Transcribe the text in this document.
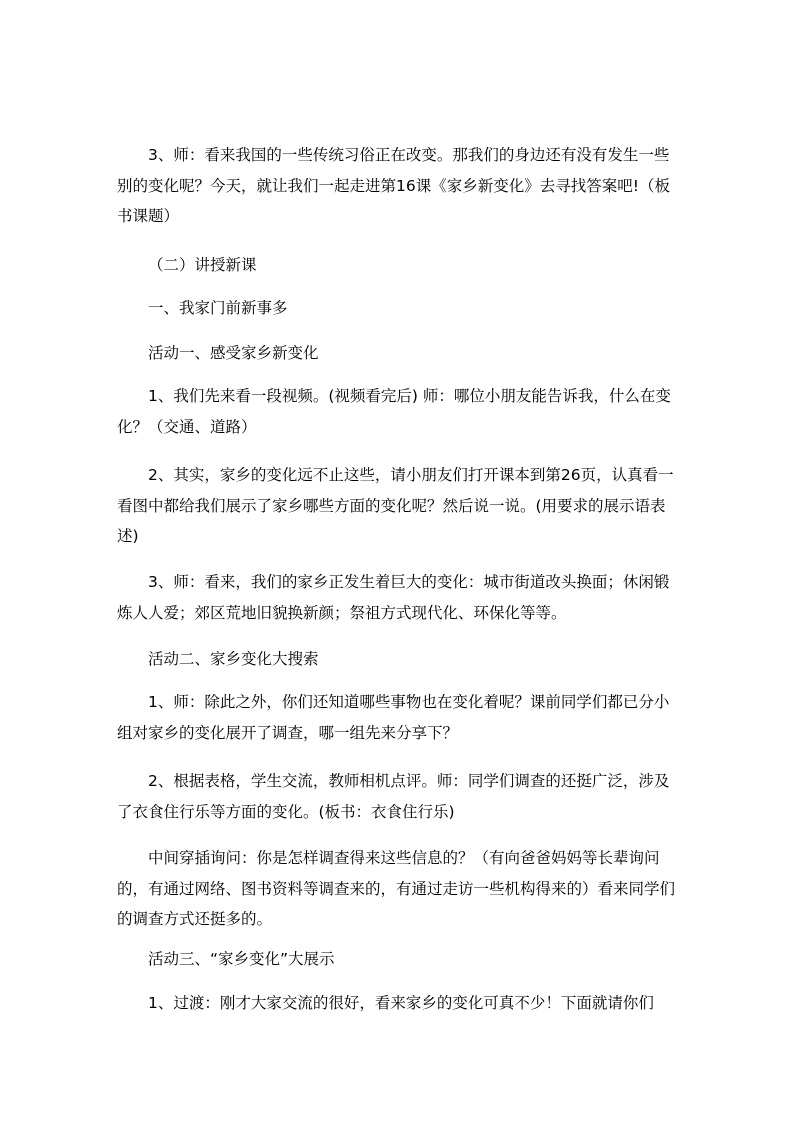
3、师：看来我国的一些传统习俗正在改变。那我们的身边还有没有发生一些别的变化呢？今天，就让我们一起走进第16课《家乡新变化》去寻找答案吧!（板书课题）

（二）讲授新课

一、我家门前新事多

活动一、感受家乡新变化

1、我们先来看一段视频。(视频看完后) 师：哪位小朋友能告诉我，什么在变化？（交通、道路）

2、其实，家乡的变化远不止这些，请小朋友们打开课本到第26页，认真看一看图中都给我们展示了家乡哪些方面的变化呢？然后说一说。(用要求的展示语表述)

3、师：看来，我们的家乡正发生着巨大的变化：城市街道改头换面；休闲锻炼人人爱；郊区荒地旧貌换新颜；祭祖方式现代化、环保化等等。

活动二、家乡变化大搜索

1、师：除此之外，你们还知道哪些事物也在变化着呢？课前同学们都已分小组对家乡的变化展开了调查，哪一组先来分享下？

2、根据表格，学生交流，教师相机点评。师：同学们调查的还挺广泛，涉及了衣食住行乐等方面的变化。(板书：衣食住行乐)

中间穿插询问：你是怎样调查得来这些信息的？（有向爸爸妈妈等长辈询问的，有通过网络、图书资料等调查来的，有通过走访一些机构得来的）看来同学们的调查方式还挺多的。

活动三、“家乡变化”大展示

1、过渡：刚才大家交流的很好，看来家乡的变化可真不少！下面就请你们
